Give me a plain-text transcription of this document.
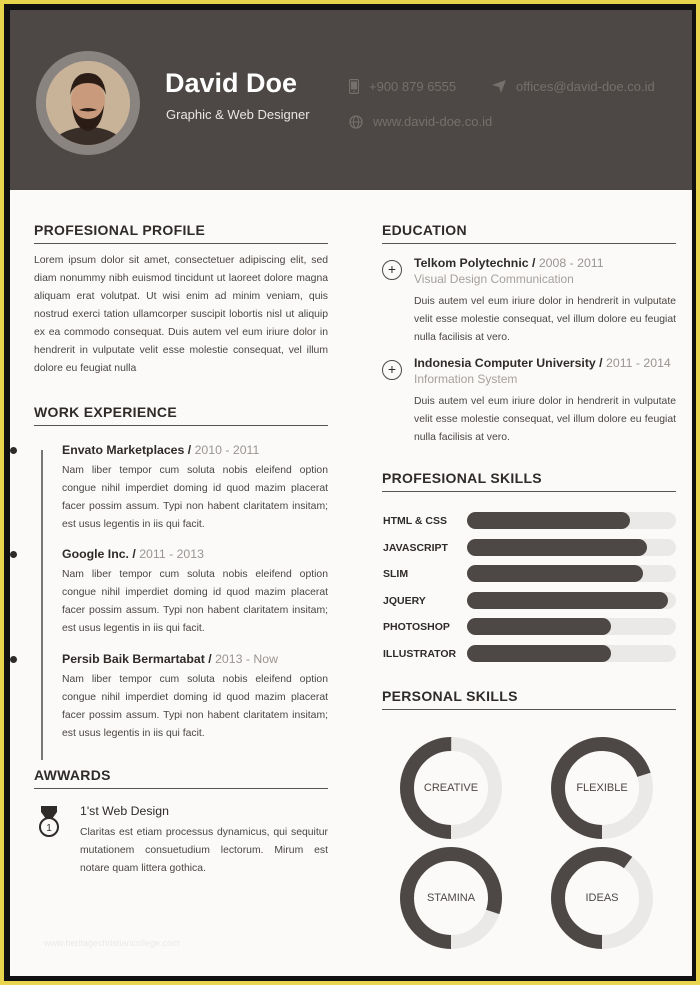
David Doe
Graphic & Web Designer
+900 879 6555	offices@david-doe.co.id
www.david-doe.co.id
PROFESIONAL PROFILE
Lorem ipsum dolor sit amet, consectetuer adipiscing elit, sed diam nonummy nibh euismod tincidunt ut laoreet dolore magna aliquam erat volutpat. Ut wisi enim ad minim veniam, quis nostrud exerci tation ullamcorper suscipit lobortis nisl ut aliquip ex ea commodo consequat. Duis autem vel eum iriure dolor in hendrerit in vulputate velit esse molestie consequat, vel illum dolore eu feugiat nulla
WORK EXPERIENCE
Envato Marketplaces / 2010 - 2011
Nam liber tempor cum soluta nobis eleifend option congue nihil imperdiet doming id quod mazim placerat facer possim assum. Typi non habent claritatem insitam; est usus legentis in iis qui facit.
Google Inc. / 2011 - 2013
Nam liber tempor cum soluta nobis eleifend option congue nihil imperdiet doming id quod mazim placerat facer possim assum. Typi non habent claritatem insitam; est usus legentis in iis qui facit.
Persib Baik Bermartabat / 2013 - Now
Nam liber tempor cum soluta nobis eleifend option congue nihil imperdiet doming id quod mazim placerat facer possim assum. Typi non habent claritatem insitam; est usus legentis in iis qui facit.
AWWARDS
1
1'st Web Design
Claritas est etiam processus dynamicus, qui sequitur mutationem consuetudium lectorum. Mirum est notare quam littera gothica.
EDUCATION
+	Telkom Polytechnic / 2008 - 2011
Visual Design Communication
Duis autem vel eum iriure dolor in hendrerit in vulputate velit esse molestie consequat, vel illum dolore eu feugiat nulla facilisis at vero.
+	Indonesia Computer University / 2011 - 2014
Information System
Duis autem vel eum iriure dolor in hendrerit in vulputate velit esse molestie consequat, vel illum dolore eu feugiat nulla facilisis at vero.
PROFESIONAL SKILLS
HTML & CSS
JAVASCRIPT
SLIM
JQUERY
PHOTOSHOP
ILLUSTRATOR
PERSONAL SKILLS
CREATIVE	FLEXIBLE
STAMINA	IDEAS
www.heritagechristiancollege.com
